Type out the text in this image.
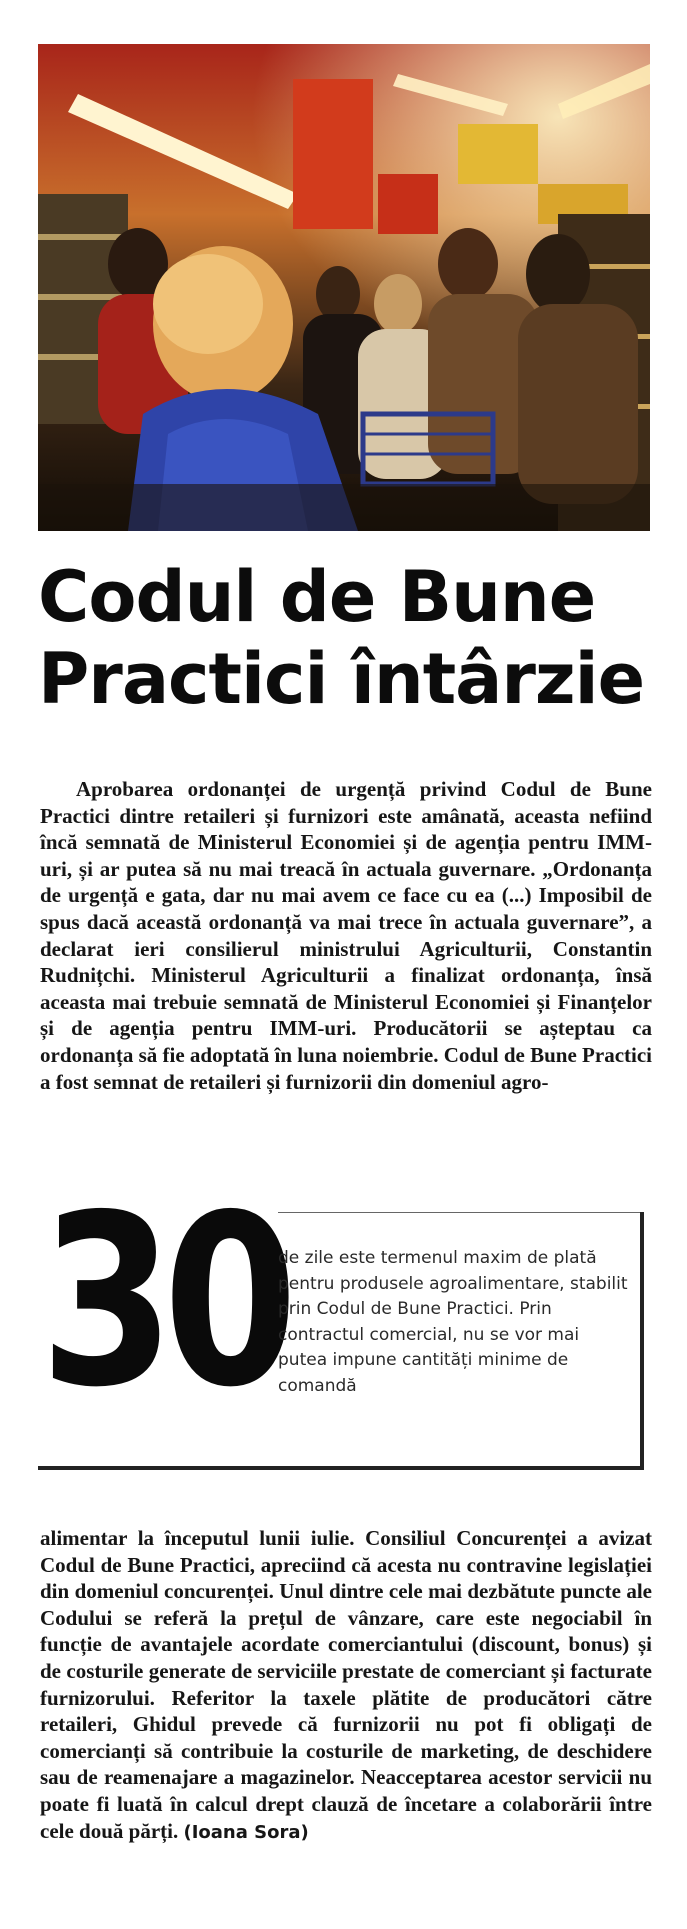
Codul de Bune
Practici întârzie

Aprobarea ordonanței de urgență privind Codul de Bune Practici dintre retaileri și furnizori este amânată, aceasta nefiind încă semnată de Ministerul Economiei și de agenția pentru IMM-uri, și ar putea să nu mai treacă în actuala guvernare. „Ordonanța de urgență e gata, dar nu mai avem ce face cu ea (...) Imposibil de spus dacă această ordonanță va mai trece în actuala guvernare”, a declarat ieri consilierul ministrului Agriculturii, Constantin Rudnițchi. Ministerul Agriculturii a finalizat ordonanța, însă aceasta mai trebuie semnată de Ministerul Economiei și Finanțelor și de agenția pentru IMM-uri. Producătorii se așteptau ca ordonanța să fie adoptată în luna noiembrie. Codul de Bune Practici a fost semnat de retaileri și furnizorii din domeniul agro-

30

de zile este termenul maxim de plată pentru produsele agroalimentare, stabilit prin Codul de Bune Practici. Prin contractul comercial, nu se vor mai putea impune cantități minime de comandă

alimentar la începutul lunii iulie. Consiliul Concurenței a avizat Codul de Bune Practici, apreciind că acesta nu contravine legislației din domeniul concurenței. Unul dintre cele mai dezbătute puncte ale Codului se referă la prețul de vânzare, care este negociabil în funcție de avantajele acordate comerciantului (discount, bonus) și de costurile generate de serviciile prestate de comerciant și facturate furnizorului. Referitor la taxele plătite de producători către retaileri, Ghidul prevede că furnizorii nu pot fi obligați de comercianți să contribuie la costurile de marketing, de deschidere sau de reamenajare a magazinelor. Neacceptarea acestor servicii nu poate fi luată în calcul drept clauză de încetare a colaborării între cele două părți. (Ioana Sora)
